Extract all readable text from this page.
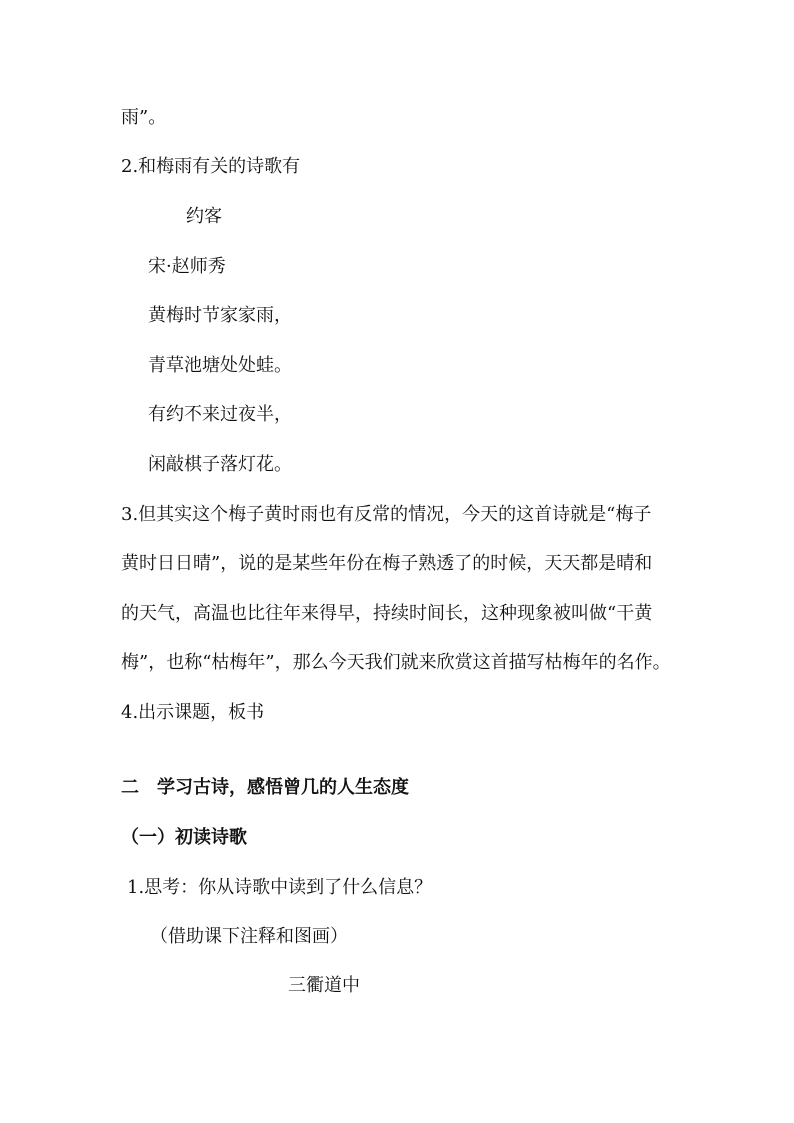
雨”。
2.和梅雨有关的诗歌有
约客
宋·赵师秀
黄梅时节家家雨，
青草池塘处处蛙。
有约不来过夜半，
闲敲棋子落灯花。
3.但其实这个梅子黄时雨也有反常的情况，今天的这首诗就是“梅子
黄时日日晴”，说的是某些年份在梅子熟透了的时候，天天都是晴和
的天气，高温也比往年来得早，持续时间长，这种现象被叫做“干黄
梅”，也称“枯梅年”，那么今天我们就来欣赏这首描写枯梅年的名作。
4.出示课题，板书
二　学习古诗，感悟曾几的人生态度
（一）初读诗歌
1.思考：你从诗歌中读到了什么信息？
（借助课下注释和图画）
三衢道中
